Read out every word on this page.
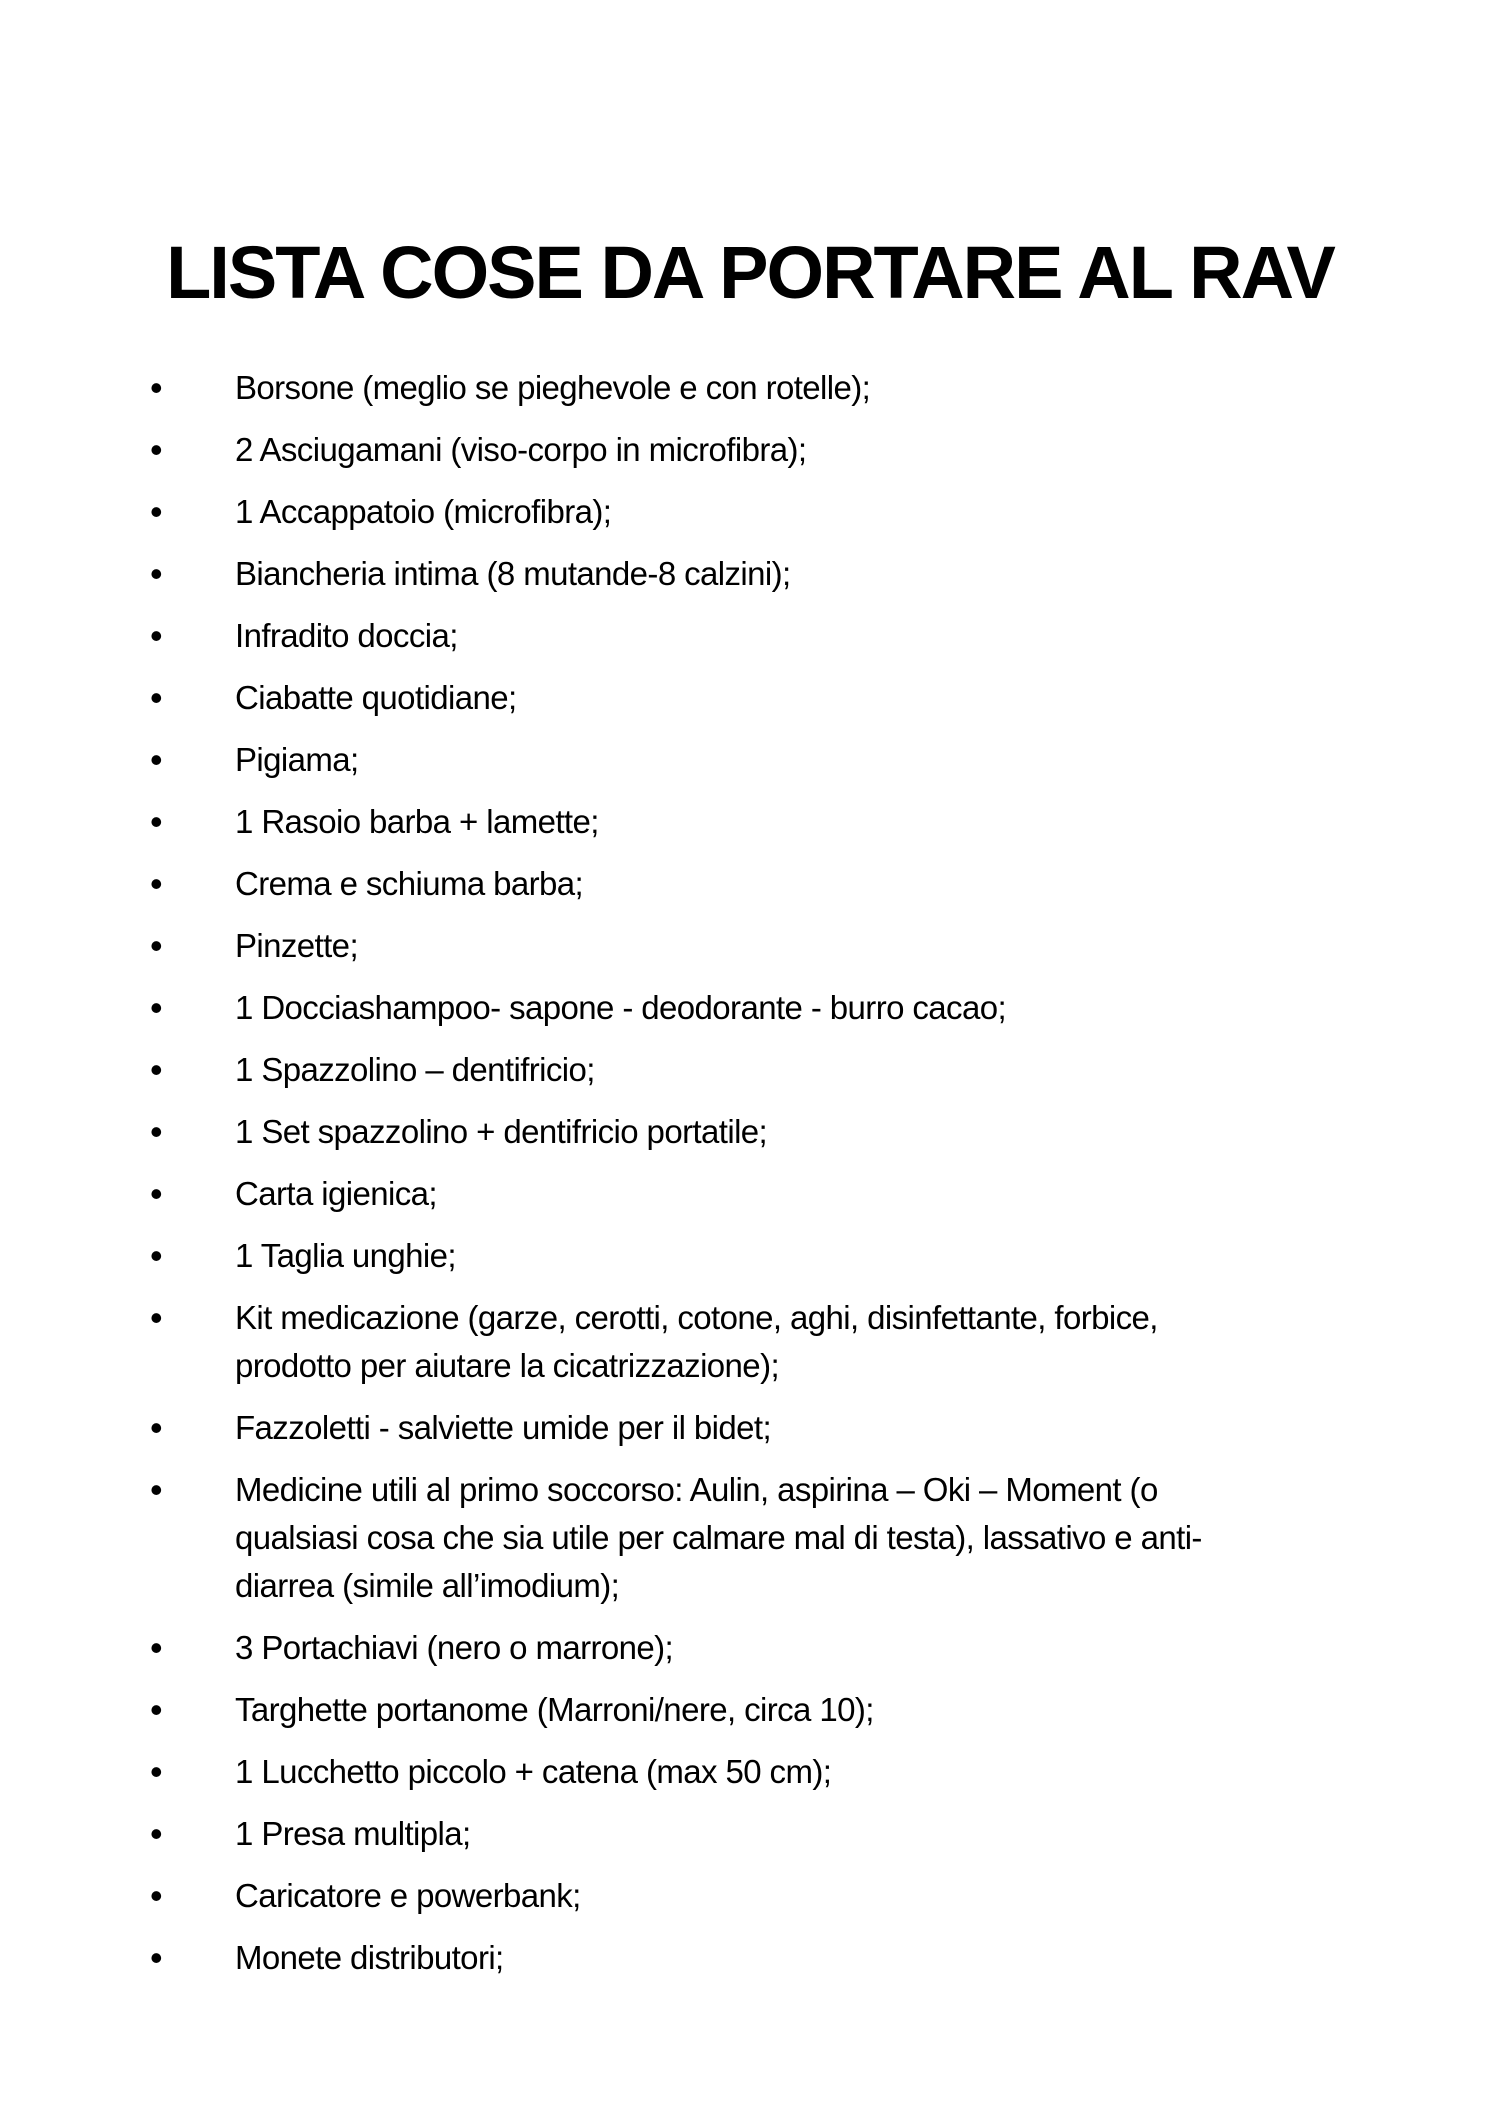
LISTA COSE DA PORTARE AL RAV
• Borsone (meglio se pieghevole e con rotelle);
• 2 Asciugamani (viso-corpo in microfibra);
• 1 Accappatoio (microfibra);
• Biancheria intima (8 mutande-8 calzini);
• Infradito doccia;
• Ciabatte quotidiane;
• Pigiama;
• 1 Rasoio barba + lamette;
• Crema e schiuma barba;
• Pinzette;
• 1 Docciashampoo- sapone - deodorante - burro cacao;
• 1 Spazzolino – dentifricio;
• 1 Set spazzolino + dentifricio portatile;
• Carta igienica;
• 1 Taglia unghie;
• Kit medicazione (garze, cerotti, cotone, aghi, disinfettante, forbice,
prodotto per aiutare la cicatrizzazione);
• Fazzoletti - salviette umide per il bidet;
• Medicine utili al primo soccorso: Aulin, aspirina – Oki – Moment (o
qualsiasi cosa che sia utile per calmare mal di testa), lassativo e anti-
diarrea (simile all’imodium);
• 3 Portachiavi (nero o marrone);
• Targhette portanome (Marroni/nere, circa 10);
• 1 Lucchetto piccolo + catena (max 50 cm);
• 1 Presa multipla;
• Caricatore e powerbank;
• Monete distributori;
